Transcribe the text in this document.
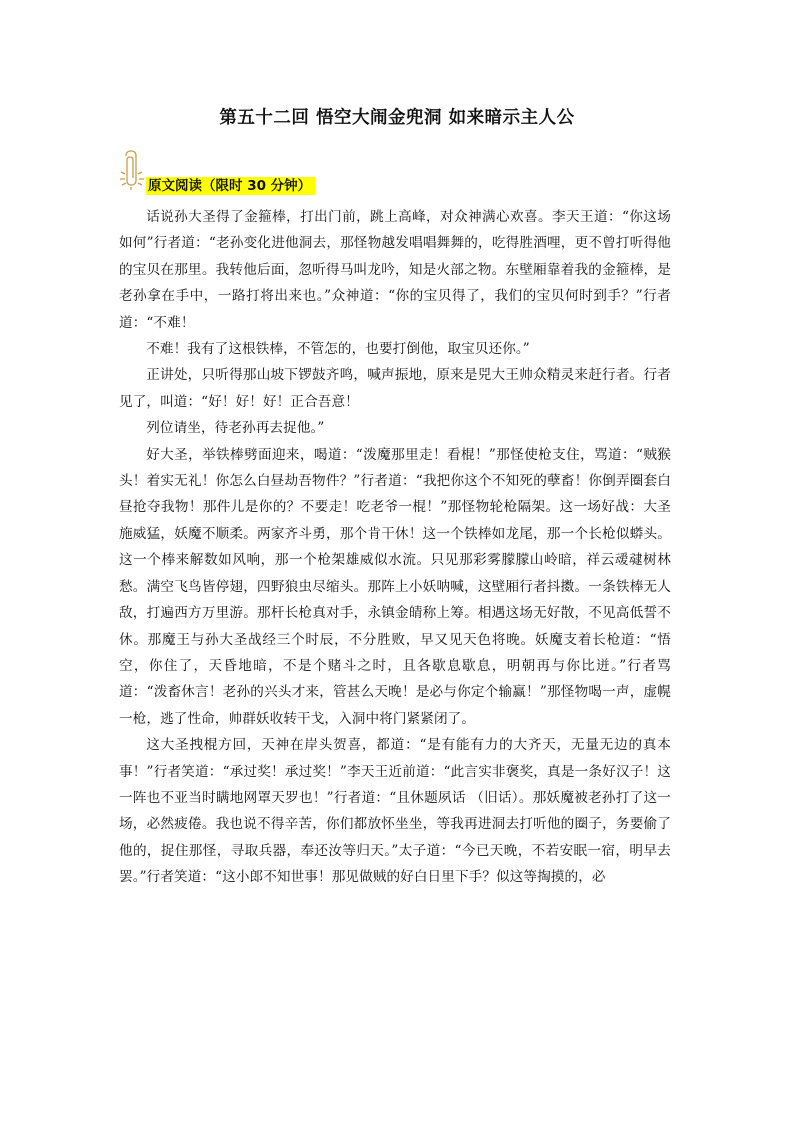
第五十二回 悟空大闹金兜洞 如来暗示主人公
原文阅读（限时 30 分钟）

话说孙大圣得了金箍棒，打出门前，跳上高峰，对众神满心欢喜。李天王道：“你这场如何”行者道：“老孙变化进他洞去，那怪物越发唱唱舞舞的，吃得胜酒哩，更不曾打听得他的宝贝在那里。我转他后面，忽听得马叫龙吟，知是火部之物。东壁厢靠着我的金箍棒，是老孙拿在手中，一路打将出来也。”众神道：“你的宝贝得了，我们的宝贝何时到手？”行者道：“不难！

不难！我有了这根铁棒，不管怎的，也要打倒他，取宝贝还你。”

正讲处，只听得那山坡下锣鼓齐鸣，喊声振地，原来是兕大王帅众精灵来赶行者。行者见了，叫道：“好！好！好！正合吾意！

列位请坐，待老孙再去捉他。”

好大圣，举铁棒劈面迎来，喝道：“泼魔那里走！看棍！”那怪使枪支住，骂道：“贼猴头！着实无礼！你怎么白昼劫吾物件？”行者道：“我把你这个不知死的孽畜！你倒弄圈套白昼抢夺我物！那件儿是你的？不要走！吃老爷一棍！”那怪物轮枪隔架。这一场好战：大圣施威猛，妖魔不顺柔。两家齐斗勇，那个肯干休！这一个铁棒如龙尾，那一个长枪似蟒头。这一个棒来解数如风响，那一个枪架雄威似水流。只见那彩雾朦朦山岭暗，祥云叆叇树林愁。满空飞鸟皆停翅，四野狼虫尽缩头。那阵上小妖呐喊，这壁厢行者抖擞。一条铁棒无人敌，打遍西方万里游。那杆长枪真对手，永镇金皘称上筹。相遇这场无好散，不见高低誓不休。那魔王与孙大圣战经三个时辰，不分胜败，早又见天色将晚。妖魔支着长枪道：“悟空，你住了，天昏地暗，不是个赌斗之时，且各歇息歇息，明朝再与你比迸。”行者骂道：“泼畜休言！老孙的兴头才来，管甚么天晚！是必与你定个输赢！”那怪物喝一声，虚幌一枪，逃了性命，帅群妖收转干戈，入洞中将门紧紧闭了。

这大圣拽棍方回，天神在岸头贺喜，都道：“是有能有力的大齐天，无量无边的真本事！”行者笑道：“承过奖！承过奖！”李天王近前道：“此言实非褒奖，真是一条好汉子！这一阵也不亚当时瞒地网罩天罗也！”行者道：“且休题夙话 （旧话）。那妖魔被老孙打了这一场，必然疲倦。我也说不得辛苦，你们都放怀坐坐，等我再进洞去打听他的圈子，务要偷了他的，捉住那怪，寻取兵器，奉还汝等归天。”太子道：“今已天晚，不若安眠一宿，明早去罢。”行者笑道：“这小郎不知世事！那见做贼的好白日里下手？似这等掏摸的，必
